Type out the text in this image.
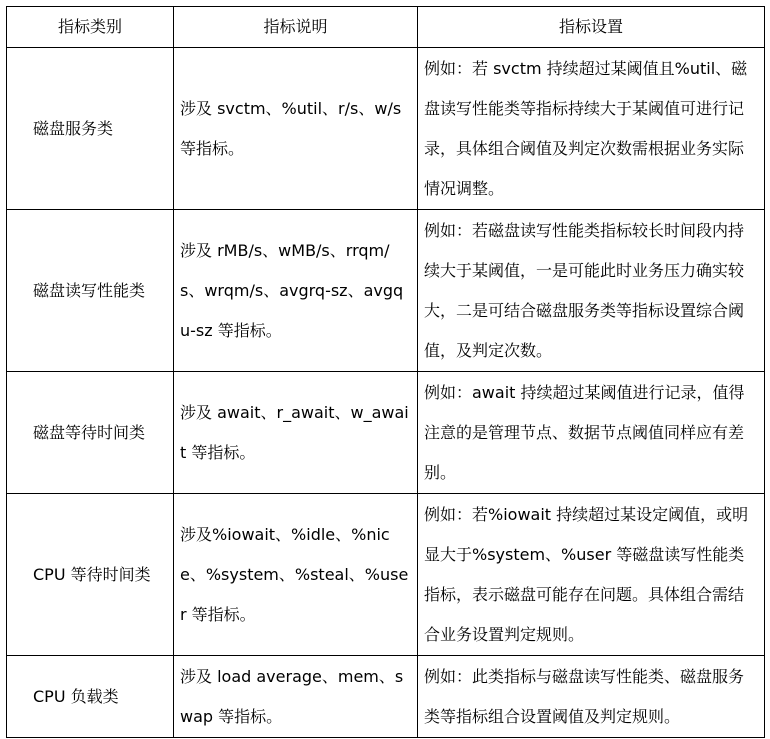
指标类别	指标说明	指标设置
磁盘服务类	涉及 svctm、%util、r/s、w/s 等指标。	例如：若 svctm 持续超过某阈值且%util、磁盘读写性能类等指标持续大于某阈值可进行记录，具体组合阈值及判定次数需根据业务实际情况调整。
磁盘读写性能类	涉及 rMB/s、wMB/s、rrqm/s、wrqm/s、avgrq-sz、avgqu-sz 等指标。	例如：若磁盘读写性能类指标较长时间段内持续大于某阈值，一是可能此时业务压力确实较大，二是可结合磁盘服务类等指标设置综合阈值，及判定次数。
磁盘等待时间类	涉及 await、r_await、w_await 等指标。	例如：await 持续超过某阈值进行记录，值得注意的是管理节点、数据节点阈值同样应有差别。
CPU 等待时间类	涉及%iowait、%idle、%nice、%system、%steal、%user 等指标。	例如：若%iowait 持续超过某设定阈值，或明显大于%system、%user 等磁盘读写性能类指标，表示磁盘可能存在问题。具体组合需结合业务设置判定规则。
CPU 负载类	涉及 load average、mem、swap 等指标。	例如：此类指标与磁盘读写性能类、磁盘服务类等指标组合设置阈值及判定规则。
